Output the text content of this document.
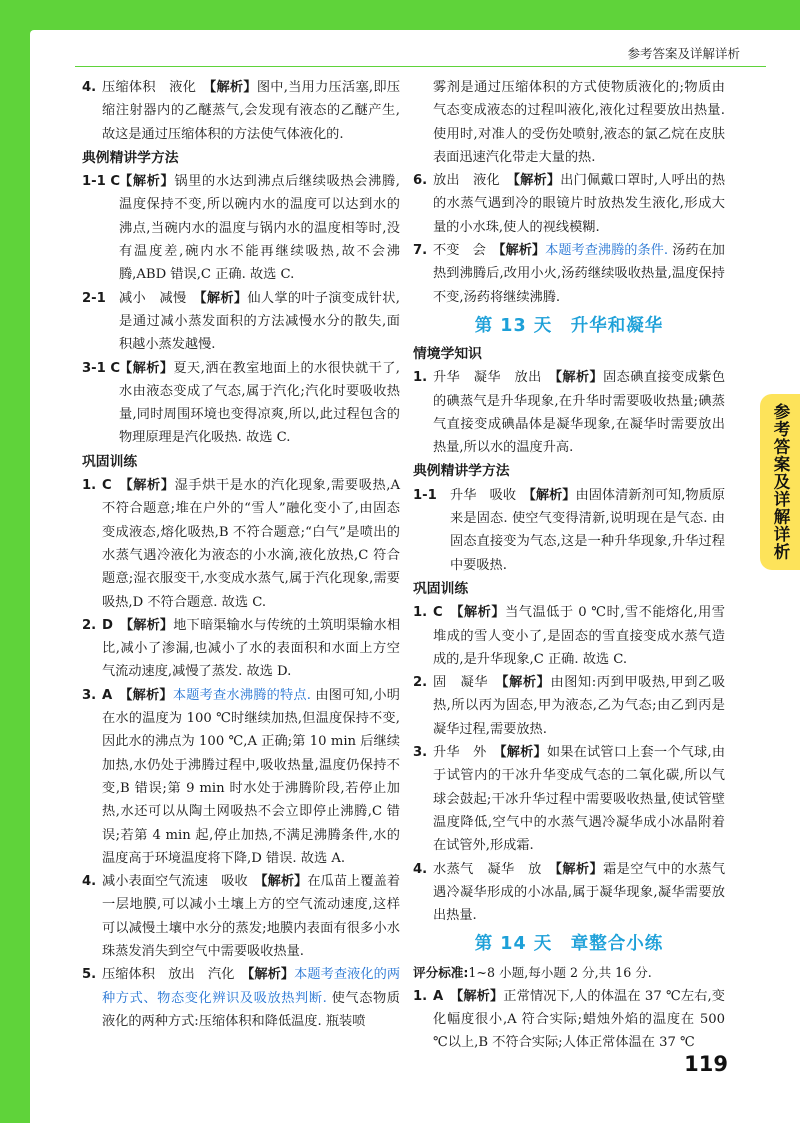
参考答案及详解详析
参考答案及详解详析
4. 压缩体积　液化　【解析】图中,当用力压活塞,即压缩注射器内的乙醚蒸气,会发现有液态的乙醚产生,故这是通过压缩体积的方法使气体液化的.
典例精讲学方法
1-1 C
【解析】锅里的水达到沸点后继续吸热会沸腾,温度保持不变,所以碗内水的温度可以达到水的沸点,当碗内水的温度与锅内水的温度相等时,没有温度差,碗内水不能再继续吸热,故不会沸腾,ABD 错误,C 正确. 故选 C.
2-1 减小　减慢　【解析】仙人掌的叶子演变成针状,是通过减小蒸发面积的方法减慢水分的散失,面积越小蒸发越慢.
3-1 C
【解析】夏天,洒在教室地面上的水很快就干了,水由液态变成了气态,属于汽化;汽化时要吸收热量,同时周围环境也变得凉爽,所以,此过程包含的物理原理是汽化吸热. 故选 C.
巩固训练
1. C　【解析】湿手烘干是水的汽化现象,需要吸热,A 不符合题意;堆在户外的“雪人”融化变小了,由固态变成液态,熔化吸热,B 不符合题意;“白气”是喷出的水蒸气遇冷液化为液态的小水滴,液化放热,C 符合题意;湿衣服变干,水变成水蒸气,属于汽化现象,需要吸热,D 不符合题意. 故选 C.
2. D　【解析】地下暗渠输水与传统的土筑明渠输水相比,减小了渗漏,也减小了水的表面积和水面上方空气流动速度,减慢了蒸发. 故选 D.
3. A　【解析】本题考查水沸腾的特点. 由图可知,小明在水的温度为 100 ℃时继续加热,但温度保持不变,因此水的沸点为 100 ℃,A 正确;第 10 min 后继续加热,水仍处于沸腾过程中,吸收热量,温度仍保持不变,B 错误;第 9 min 时水处于沸腾阶段,若停止加热,水还可以从陶土网吸热不会立即停止沸腾,C 错误;若第 4 min 起,停止加热,不满足沸腾条件,水的温度高于环境温度将下降,D 错误. 故选 A.
4. 减小表面空气流速　吸收　【解析】在瓜苗上覆盖着一层地膜,可以减小土壤上方的空气流动速度,这样可以减慢土壤中水分的蒸发;地膜内表面有很多小水珠蒸发消失到空气中需要吸收热量.
5. 压缩体积　放出　汽化　【解析】本题考查液化的两种方式、物态变化辨识及吸放热判断. 使气态物质液化的两种方式:压缩体积和降低温度. 瓶装喷
雾剂是通过压缩体积的方式使物质液化的;物质由气态变成液态的过程叫液化,液化过程要放出热量. 使用时,对准人的受伤处喷射,液态的氯乙烷在皮肤表面迅速汽化带走大量的热.
6. 放出　液化　【解析】出门佩戴口罩时,人呼出的热的水蒸气遇到冷的眼镜片时放热发生液化,形成大量的小水珠,使人的视线模糊.
7. 不变　会　【解析】本题考查沸腾的条件. 汤药在加热到沸腾后,改用小火,汤药继续吸收热量,温度保持不变,汤药将继续沸腾.
第 13 天　升华和凝华
情境学知识
1. 升华　凝华　放出　【解析】固态碘直接变成紫色的碘蒸气是升华现象,在升华时需要吸收热量;碘蒸气直接变成碘晶体是凝华现象,在凝华时需要放出热量,所以水的温度升高.
典例精讲学方法
1-1 升华　吸收　【解析】由固体清新剂可知,物质原来是固态. 使空气变得清新,说明现在是气态. 由固态直接变为气态,这是一种升华现象,升华过程中要吸热.
巩固训练
1. C　【解析】当气温低于 0 ℃时,雪不能熔化,用雪堆成的雪人变小了,是固态的雪直接变成水蒸气造成的,是升华现象,C 正确. 故选 C.
2. 固　凝华　【解析】由图知:丙到甲吸热,甲到乙吸热,所以丙为固态,甲为液态,乙为气态;由乙到丙是凝华过程,需要放热.
3. 升华　外　【解析】如果在试管口上套一个气球,由于试管内的干冰升华变成气态的二氧化碳,所以气球会鼓起;干冰升华过程中需要吸收热量,使试管壁温度降低,空气中的水蒸气遇冷凝华成小冰晶附着在试管外,形成霜.
4. 水蒸气　凝华　放　【解析】霜是空气中的水蒸气遇冷凝华形成的小冰晶,属于凝华现象,凝华需要放出热量.
第 14 天　章整合小练
评分标准:1~8 小题,每小题 2 分,共 16 分.
1. A　【解析】正常情况下,人的体温在 37 ℃左右,变化幅度很小,A 符合实际;蜡烛外焰的温度在 500 ℃以上,B 不符合实际;人体正常体温在 37 ℃
119
